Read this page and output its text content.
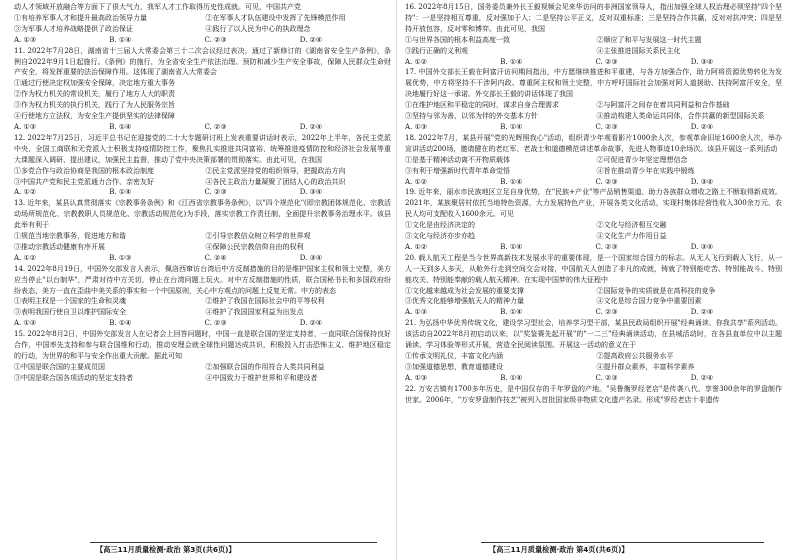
动人才领域开放融合等方面下了很大气力，我军人才工作取得历史性成就。可见，中国共产党
①有培养军事人才和提升最高政治领导力量	②在军事人才队伍建设中发挥了先锋模范作用
③为军事人才培养战略提供了政治保证	④践行了以人民为中心的执政理念
A. ①③	B. ①④	C. ②③	D. ②④
11. 2022年7月28日，湖南省十三届人大常委会第三十二次会议经过表决，通过了新修订的《湖南省安全生产条例》，条例自2022年9月1日起施行。《条例》的施行，为全省安全生产依法治理、预防和减少生产安全事故，保障人民群众生命财产安全，将发挥重要的法治保障作用。这体现了湖南省人大常委会
①通过行使决定权加强安全保障，决定地方重大事务
②作为权力机关的常设机关，履行了地方人大的职责
③作为权力机关的执行机关，践行了为人民服务宗旨
④行使地方立法权，为安全生产提供坚实的法律保障
A. ①③	B. ①④	C. ②③	D. ②④
12. 2022年7月25日，习近平总书记在迎接党的二十大专题研讨班上发表重要讲话时表示，2022年上半年，各民主党派中央、全国工商联和无党派人士积极支持疫情防控工作，聚焦扎实推进共同富裕、统筹推进疫情防控和经济社会发展等重大课题深入调研、提出建议，加强民主监督，推动了党中央决策部署的贯彻落实。由此可见，在我国
①多党合作与政治协商是我国的根本政治制度	②民主党派坚持党的组织领导，把握政治方向
③中国共产党和民主党派通力合作、亲密友好	④各民主政治力量凝聚了团结人心的政治共识
A. ①②	B. ①④	C. ②③	D. ③④
13. 近年来，某县认真贯彻落实《宗教事务条例》和《江西省宗教事务条例》，以"四个规范化"(即宗教团体规范化、宗教活动场所规范化、宗教教职人员规范化、宗教活动规范化)为手段，落实宗教工作责任制，全面提升宗教事务治理水平。该县此举有利于
①规范当地宗教事务，促进地方和谐	②引导宗教信众树立科学的世界观
③推动宗教活动健康有序开展	④保障公民宗教信仰自由的权利
A. ①②	B. ①③	C. ②④	D. ③④
14. 2022年8月19日，中国外交部发言人表示，佩洛西窜访台湾后中方反制措施的目的是维护国家主权和领土完整，美方应当停止"以台制华"，严肃对待中方关切，停止在台湾问题上玩火。对中方反制措施的性质，联合国秘书长和多国政府纷纷表态，美方一直在歪曲中美关系的事实和一个中国原则，关心中方观点的问题上反复无常。中方的表态
①表明主权是一个国家的生命和灵魂	②维护了我国在国际社会中的平等权利
③表明我国行使自卫以维护国际安全	④维护了我国国家利益为出发点
A. ①③	B. ①④	C. ②③	D. ②④
15. 2022年8月2日，中国外交部发言人在记者会上回答问题时，中国一直是联合国的坚定支持者，一直同联合国保持良好合作，中国率先支持和参与联合国维和行动，推动安理会就全球性问题达成共识，积极投入打击恐怖主义、维护地区稳定的行动，为世界的和平与安全作出重大贡献。据此可知
①中国是联合国的主要成员国	②加强联合国的作用符合人类共同利益
③中国是联合国各项活动的坚定支持者	④中国致力于维护世界和平和建设者
【高三11月质量检测·政治 第3页(共6页)】
16. 2022年8月15日，国务委员兼外长王毅视频会见来华访问的非洲国家领导人，指出加强全球人权治理必须坚持"四个坚持"：一是坚持相互尊重，反对强加于人；二是坚持公平正义，反对双重标准；三是坚持合作共赢，反对对抗冲突；四是坚持开放包容，反对零和博弈。由此可见，我国
①与世界各国的根本利益高度一致	②顺应了和平与发展这一时代主题
③践行正确的义利观	④主张推进国际关系民主化
A. ①②	B. ①④	C. ②③	D. ③④
17. 中国外交部长王毅在阿富汗访问期间指出，中方愿继续推进和平重建，与各方加强合作，助力阿将资源优势转化为发展优势，中方将坚持不干涉阿内政、尊重阿主权和领土完整，中方呼吁国际社会加强对阿人道援助、扶持阿富汗安全，坚决地履行好这一承诺。外交部长王毅的讲话体现了我国
①在维护地区和平稳定的同时，谋求自身合理需求	②与阿富汗之间存在着共同利益和合作基础
③坚持与邻为善、以邻为伴的外交基本方针	④推动构建人类命运共同体，合作共赢的新型国际关系
A. ①③	B. ①④	C. ②③	D. ②④
18. 2022年7月，某县开展"党的光辉照我心"活动，组织青少年观看影片1000余人次，参观革命旧址1600余人次，举办宣讲活动200场，邀请健在的老红军、老战士和道德模范讲述革命故事，先进人物事迹10余场次。该县开展这一系列活动
①是基于精神活动离不开物质载体	②可促进青少年坚定理想信念
③有利于增强新时代青年革命觉悟	④旨在推动青少年在实践中锻炼
A. ①②	B. ①④	C. ②③	D. ③④
19. 近年来，丽水市民族地区立足自身优势，在"民族+产业"等产品销售渠道、助力各族群众增收之路上不断取得新成效。2021年，某族聚居村依托当地特色资源，大力发展特色产业，开展各类文化活动，实现村集体经营性收入300余万元、农民人均可支配收入1600余元。可见
①文化是由经济决定的	②文化与经济相互交融
③文化与经济亦步亦趋	④文化生产力作用日益
A. ①②	B. ①④	C. ②③	D. ③④
20. 载人航天工程是当今世界高新技术发展水平的重要体现，是一个国家综合国力的标志。从无人飞行到载人飞行，从一人一天到多人多天，从舱外行走到空间交会对接，中国航天人创造了非凡的成就，铸就了特别能吃苦、特别能战斗、特别能攻关、特别能奉献的载人航天精神。在实现中国梦的伟大征程中
①文化越来越成为社会发展的重要支撑	②国际竞争的实质就是在高科技的竞争
③优秀文化能够增强航天人的精神力量	④文化是综合国力竞争中重要因素
A. ①③	B. ①④	C. ②③	D. ②④
21. 为弘扬中华优秀传统文化，建设学习型社会，培养学习型干部，某县民政局组织开展"经典诵读、你我共享"系列活动。该活动自2022年8月初启动以来，以"奖鉴赛先起开展"的"一二三"经典诵读活动，在县城活动时，在各县直单位中以主题诵读、学习体验等形式开展，营造全民阅读氛围。开展这一活动的意义在于
①传承文明礼仪，丰富文化内涵	②提高政府公共服务水平
③加强道德思想，教育道德建设	④提升群众素养，丰富科学素养
A. ①③	B. ①④	C. ②③	D. ②④
22. 万安古镇有1700多年历史，是中国仅存的千年罗盘的产地。"吴鲁衡罗经老店"是传袭八代、享誉300余年的罗盘制作世家。2006年，"万安罗盘制作技艺"被列入首批国家级非物质文化遗产名录。形成"罗经老店十非遗传
【高三11月质量检测·政治 第4页(共6页)】
